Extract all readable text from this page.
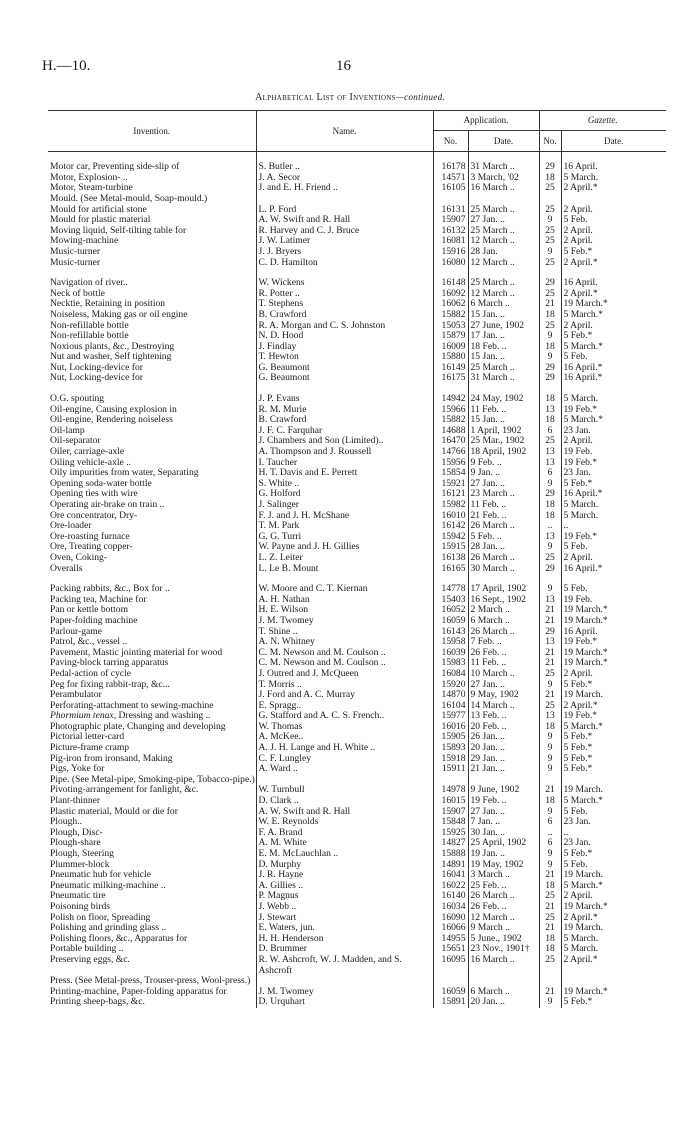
H.—10.	16
Alphabetical List of Inventions—continued.
Invention.	Name.	Application.		Gazette.	
		No.	Date.	No.	Date.

Motor car, Preventing side-slip of	S. Butler ..	16178	31 March ..	29	16 April.

Motor, Explosion- ..	J. A. Secor	14571	3 March, '02	18	5 March.

Motor, Steam-turbine	J. and E. H. Friend ..	16105	16 March ..	25	2 April.*

Mould. (See Metal-mould, Soap-mould.)					

Mould for artificial stone	L. P. Ford	16131	25 March ..	25	2 April.

Mould for plastic material	A. W. Swift and R. Hall	15907	27 Jan. ..	9	5 Feb.

Moving liquid, Self-tilting table for	R. Harvey and C. J. Bruce	16132	25 March ..	25	2 April.

Mowing-machine	J. W. Latimer	16081	12 March ..	25	2 April.

Music-turner	J. J. Bryers	15916	28 Jan.	9	5 Feb.*

Music-turner	C. D. Hamilton	16080	12 March ..	25	2 April.*

Navigation of river..	W. Wickens	16148	25 March ..	29	16 April.

Neck of bottle	R. Potter ..	16092	12 March ..	25	2 April.*

Necktie, Retaining in position	T. Stephens	16062	6 March ..	21	19 March.*

Noiseless, Making gas or oil engine	B. Crawford	15882	15 Jan. ..	18	5 March.*

Non-refillable bottle	R. A. Morgan and C. S. Johnston	15053	27 June, 1902	25	2 April.

Non-refillable bottle	N. D. Hood	15879	17 Jan. ..	9	5 Feb.*

Noxious plants, &c., Destroying	J. Findlay	16009	18 Feb. ..	18	5 March.*

Nut and washer, Self tightening	T. Hewton	15880	15 Jan. ..	9	5 Feb.

Nut, Locking-device for	G. Beaumont	16149	25 March ..	29	16 April.*

Nut, Locking-device for	G. Beaumont	16175	31 March ..	29	16 April.*

O.G. spouting	J. P. Evans	14942	24 May, 1902	18	5 March.

Oil-engine, Causing explosion in	R. M. Murie	15966	11 Feb. ..	13	19 Feb.*

Oil-engine, Rendering noiseless	B. Crawford	15882	15 Jan. ..	18	5 March.*

Oil-lamp	J. F. C. Farquhar	14688	1 April, 1902	6	23 Jan.

Oil-separator	J. Chambers and Son (Limited)..	16470	25 Mar., 1902	25	2 April.

Oiler, carriage-axle	A. Thompson and J. Roussell	14766	18 April, 1902	13	19 Feb.

Oiling vehicle-axle ..	I. Taucher	15956	9 Feb. ..	13	19 Feb.*

Oily impurities from water, Separating	H. T. Davis and E. Perrett	15854	9 Jan. ..	6	23 Jan.

Opening soda-water bottle	S. White ..	15921	27 Jan. ..	9	5 Feb.*

Opening ties with wire	G. Holford	16121	23 March ..	29	16 April.*

Operating air-brake on train ..	J. Salinger	15982	11 Feb. ..	18	5 March.

Ore concentrator, Dry-	F. J. and J. H. McShane	16010	21 Feb. ..	18	5 March.

Ore-loader	T. M. Park	16142	26 March ..	..	..

Ore-roasting furnace	G. G. Turri	15942	5 Feb. ..	13	19 Feb.*

Ore, Treating copper-	W. Payne and J. H. Gillies	15915	28 Jan. ..	9	5 Feb.

Oven, Coking-	L. Z. Leiter	16138	26 March ..	25	2 April.

Overalls	L. Le B. Mount	16165	30 March ..	29	16 April.*

Packing rabbits, &c., Box for ..	W. Moore and C. T. Kiernan	14778	17 April, 1902	9	5 Feb.

Packing tea, Machine for	A. H. Nathan	15403	16 Sept., 1902	13	19 Feb.

Pan or kettle bottom	H. E. Wilson	16052	2 March ..	21	19 March.*

Paper-folding machine	J. M. Twomey	16059	6 March ..	21	19 March.*

Parlour-game	T. Shine ..	16143	26 March ..	29	16 April.

Patrol, &c., vessel ..	A. N. Whitney	15958	7 Feb. ..	13	19 Feb.*

Pavement, Mastic jointing material for wood	C. M. Newson and M. Coulson ..	16039	26 Feb. ..	21	19 March.*

Paving-block tarring apparatus	C. M. Newson and M. Coulson ..	15983	11 Feb. ..	21	19 March.*

Pedal-action of cycle	J. Outred and J. McQueen	16084	10 March ..	25	2 April.

Peg for fixing rabbit-trap, &c...	T. Morris ..	15920	27 Jan. ..	9	5 Feb.*

Perambulator	J. Ford and A. C. Murray	14870	9 May, 1902	21	19 March.

Perforating-attachment to sewing-machine	E. Spragg..	16104	14 March ..	25	2 April.*

Phormium tenax, Dressing and washing ..	G. Stafford and A. C. S. French..	15977	13 Feb. ..	13	19 Feb.*

Photographic plate, Changing and developing	W. Thomas	16016	20 Feb. ..	18	5 March.*

Pictorial letter-card	A. McKee..	15905	26 Jan. ..	9	5 Feb.*

Picture-frame cramp	A. J. H. Lange and H. White ..	15893	20 Jan. ..	9	5 Feb.*

Pig-iron from ironsand, Making	C. F. Lungley	15918	29 Jan. ..	9	5 Feb.*

Pigs, Yoke for	A. Ward ..	15911	21 Jan. ..	9	5 Feb.*

Pipe. (See Metal-pipe, Smoking-pipe, Tobacco-pipe.)					

Pivoting-arrangement for fanlight, &c.	W. Turnbull	14978	9 June, 1902	21	19 March.

Plant-thinner	D. Clark ..	16015	19 Feb. ..	18	5 March.*

Plastic material, Mould or die for	A. W. Swift and R. Hall	15907	27 Jan. ..	9	5 Feb.

Plough..	W. E. Reynolds	15848	7 Jan. ..	6	23 Jan.

Plough, Disc-	F. A. Brand	15925	30 Jan. ..	..	..

Plough-share	A. M. White	14827	25 April, 1902	6	23 Jan.

Plough, Steering	E. M. McLauchlan ..	15888	19 Jan. ..	9	5 Feb.*

Plummer-block	D. Murphy	14891	19 May, 1902	9	5 Feb.

Pneumatic hub for vehicle	J. R. Hayne	16041	3 March ..	21	19 March.

Pneumatic milking-machine ..	A. Gillies ..	16022	25 Feb. ..	18	5 March.*

Pneumatic tire	P. Magnus	16140	26 March ..	25	2 April.

Poisoning birds	J. Webb ..	16034	26 Feb. ..	21	19 March.*

Polish on floor, Spreading	J. Stewart	16090	12 March ..	25	2 April.*

Polishing and grinding glass ..	E. Waters, jun.	16066	9 March ..	21	19 March.

Polishing floors, &c., Apparatus for	H. H. Henderson	14955	5 June., 1902	18	5 March.

Portable building ..	D. Brummer	15651	23 Nov., 1901†	18	5 March.

Preserving eggs, &c.	R. W. Ashcroft, W. J. Madden, and S. Ashcroft	16095	16 March ..	25	2 April.*

Press. (See Metal-press, Trouser-press, Wool-press.)					

Printing-machine, Paper-folding apparatus for	J. M. Twomey	16059	6 March ..	21	19 March.*

Printing sheep-bags, &c.	D. Urquhart	15891	20 Jan. ..	9	5 Feb.*
